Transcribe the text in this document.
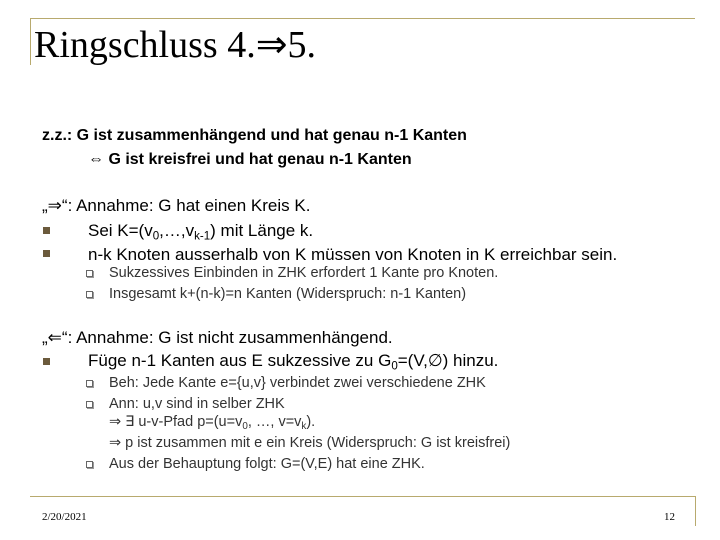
Ringschluss 4.⇒5.
z.z.: G ist zusammenhängend und hat genau n-1 Kanten
⇔ G ist kreisfrei und hat genau n-1 Kanten
„⇒“: Annahme: G hat einen Kreis K.
Sei $K=(v_0,\dots,v_{k-1})$ mit Länge k.
n-k Knoten ausserhalb von K müssen von Knoten in K erreichbar sein.
Sukzessives Einbinden in ZHK erfordert 1 Kante pro Knoten.
Insgesamt k+(n-k)=n Kanten (Widerspruch: n-1 Kanten)
„⇐“: Annahme: G ist nicht zusammenhängend.
Füge n-1 Kanten aus E sukzessive zu $G_0=(V,\emptyset)$ hinzu.
Beh: Jede Kante e={u,v} verbindet zwei verschiedene ZHK
Ann: u,v sind in selber ZHK
⇒ ∃ u-v-Pfad $p=(u=v_0$, …, $v=v_k$).
⇒ p ist zusammen mit e ein Kreis (Widerspruch: G ist kreisfrei)
Aus der Behauptung folgt: G=(V,E) hat eine ZHK.
2/20/2021	12
